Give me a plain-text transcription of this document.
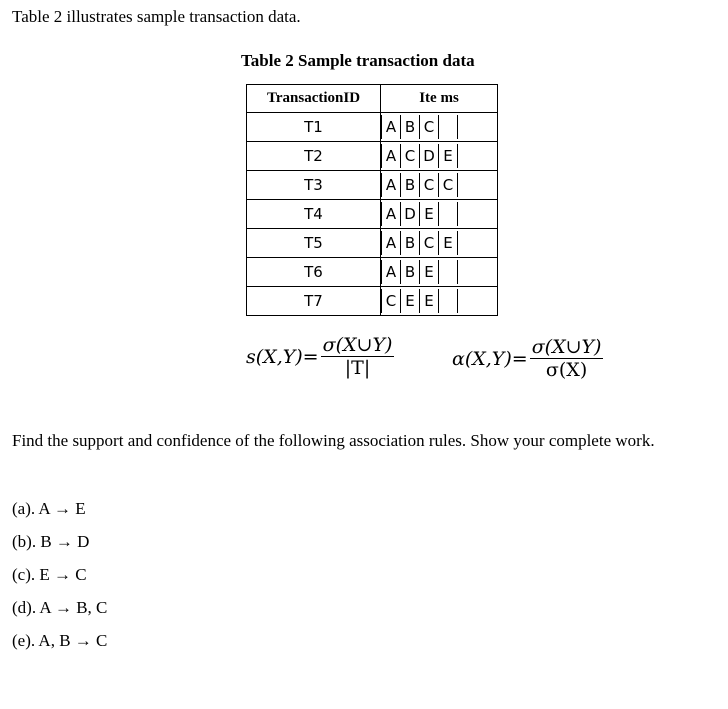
Table 2 illustrates sample transaction data.
Table 2 Sample transaction data
TransactionID	Ite ms
T1	A B C

T2	A C D E

T3	A B C C

T4	A D E

T5	A B C E

T6	A B E

T7	C E E
$s(X,Y)= \frac{\sigma(X\cup Y)}{|T|}$	$\alpha(X,Y)= \frac{\sigma(X\cup Y)}{\sigma(X)}$
Find the support and confidence of the following association rules. Show your complete work.
(a). A → E
(b). B → D
(c). E → C
(d). A → B, C
(e). A, B → C
